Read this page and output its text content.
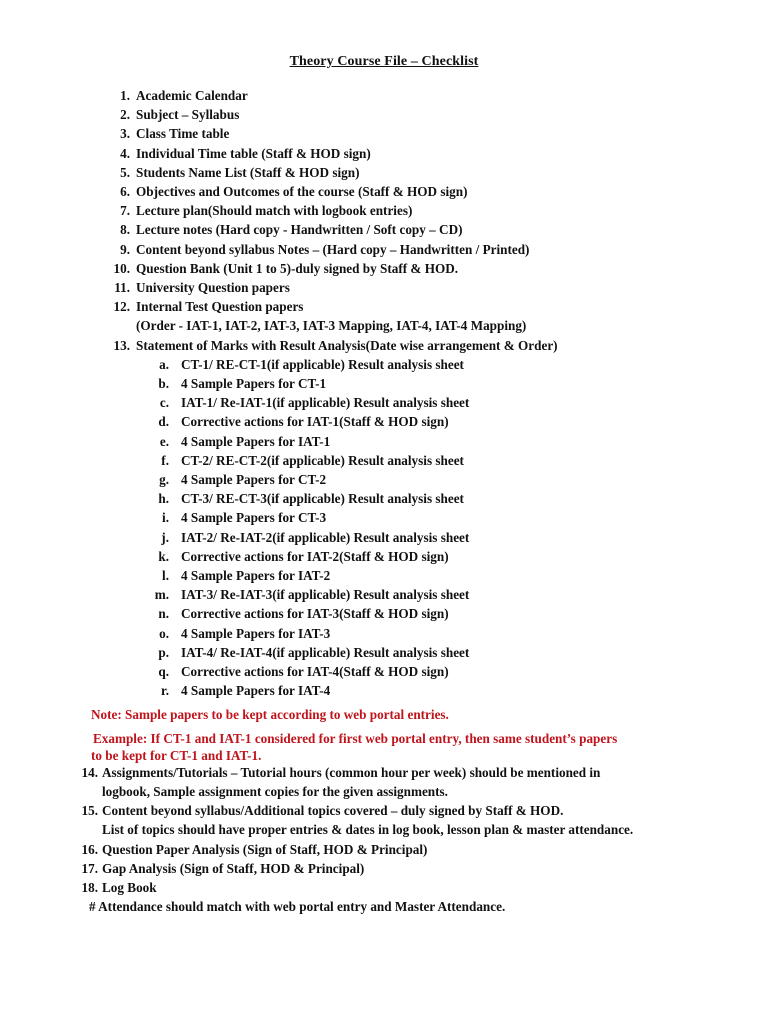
Theory Course File – Checklist
1. Academic Calendar
2. Subject – Syllabus
3. Class Time table
4. Individual Time table (Staff & HOD sign)
5. Students Name List (Staff & HOD sign)
6. Objectives and Outcomes of the course (Staff & HOD sign)
7. Lecture plan(Should match with logbook entries)
8. Lecture notes (Hard copy - Handwritten / Soft copy – CD)
9. Content beyond syllabus Notes – (Hard copy – Handwritten / Printed)
10. Question Bank (Unit 1 to 5)-duly signed by Staff & HOD.
11. University Question papers
12. Internal Test Question papers
(Order - IAT-1, IAT-2, IAT-3, IAT-3 Mapping, IAT-4, IAT-4 Mapping)
13. Statement of Marks with Result Analysis(Date wise arrangement & Order)
a. CT-1/ RE-CT-1(if applicable) Result analysis sheet
b. 4 Sample Papers for CT-1
c. IAT-1/ Re-IAT-1(if applicable) Result analysis sheet
d. Corrective actions for IAT-1(Staff & HOD sign)
e. 4 Sample Papers for IAT-1
f. CT-2/ RE-CT-2(if applicable) Result analysis sheet
g. 4 Sample Papers for CT-2
h. CT-3/ RE-CT-3(if applicable) Result analysis sheet
i. 4 Sample Papers for CT-3
j. IAT-2/ Re-IAT-2(if applicable) Result analysis sheet
k. Corrective actions for IAT-2(Staff & HOD sign)
l. 4 Sample Papers for IAT-2
m. IAT-3/ Re-IAT-3(if applicable) Result analysis sheet
n. Corrective actions for IAT-3(Staff & HOD sign)
o. 4 Sample Papers for IAT-3
p. IAT-4/ Re-IAT-4(if applicable) Result analysis sheet
q. Corrective actions for IAT-4(Staff & HOD sign)
r. 4 Sample Papers for IAT-4
Note: Sample papers to be kept according to web portal entries.
Example: If CT-1 and IAT-1 considered for first web portal entry, then same student’s papers
to be kept for CT-1 and IAT-1.
14. Assignments/Tutorials – Tutorial hours (common hour per week) should be mentioned in
logbook, Sample assignment copies for the given assignments.
15. Content beyond syllabus/Additional topics covered – duly signed by Staff & HOD.
List of topics should have proper entries & dates in log book, lesson plan & master attendance.
16. Question Paper Analysis (Sign of Staff, HOD & Principal)
17. Gap Analysis (Sign of Staff, HOD & Principal)
18. Log Book
# Attendance should match with web portal entry and Master Attendance.
